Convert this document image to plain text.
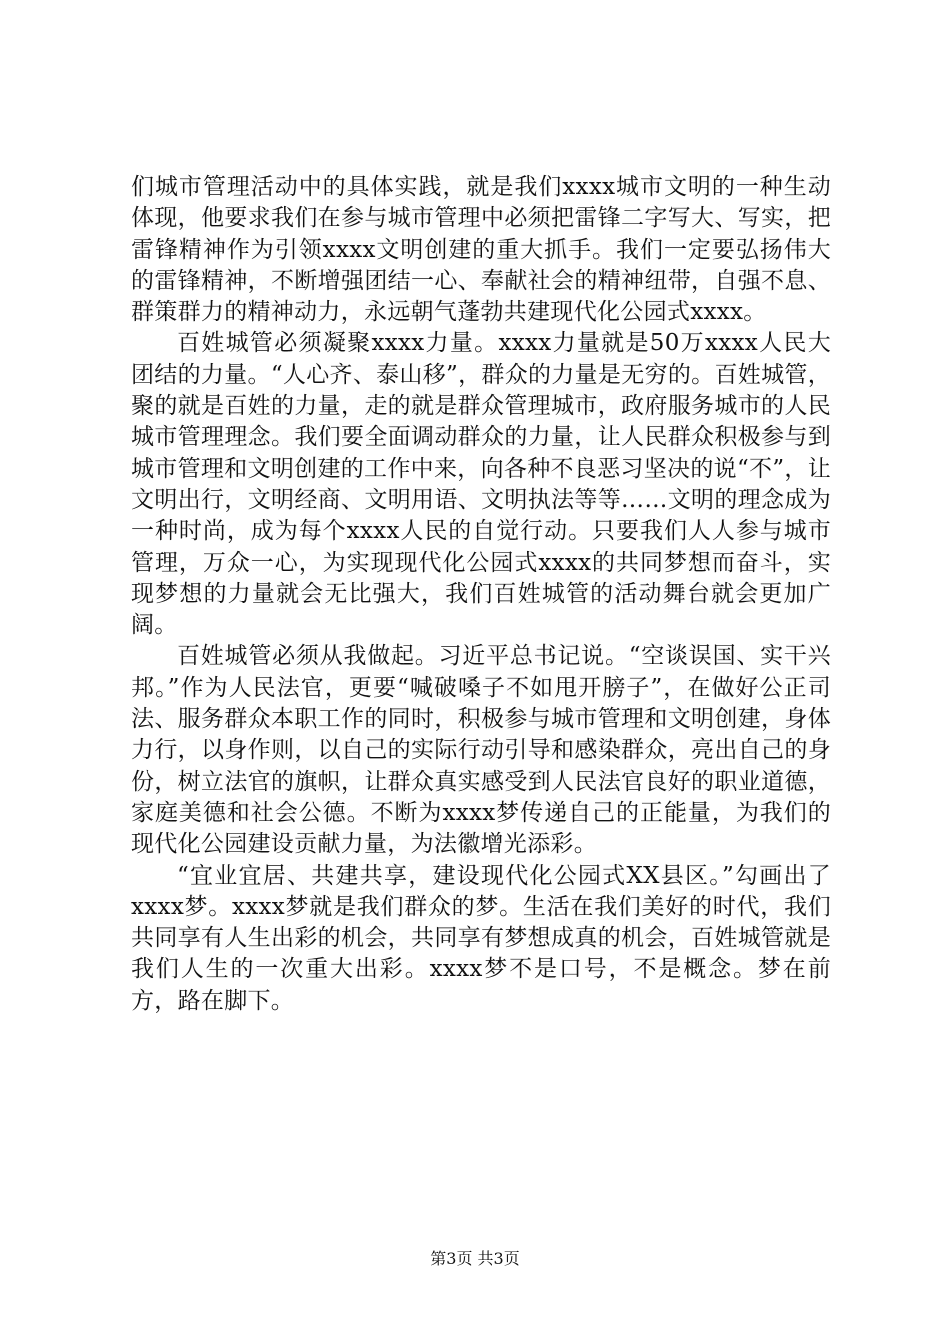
们城市管理活动中的具体实践，就是我们xxxx城市文明的一种生动体现，他要求我们在参与城市管理中必须把雷锋二字写大、写实，把雷锋精神作为引领xxxx文明创建的重大抓手。我们一定要弘扬伟大的雷锋精神，不断增强团结一心、奉献社会的精神纽带，自强不息、群策群力的精神动力，永远朝气蓬勃共建现代化公园式xxxx。

百姓城管必须凝聚xxxx力量。xxxx力量就是50万xxxx人民大团结的力量。“人心齐、泰山移”，群众的力量是无穷的。百姓城管，聚的就是百姓的力量，走的就是群众管理城市，政府服务城市的人民城市管理理念。我们要全面调动群众的力量，让人民群众积极参与到城市管理和文明创建的工作中来，向各种不良恶习坚决的说“不”，让文明出行，文明经商、文明用语、文明执法等等……文明的理念成为一种时尚，成为每个xxxx人民的自觉行动。只要我们人人参与城市管理，万众一心，为实现现代化公园式xxxx的共同梦想而奋斗，实现梦想的力量就会无比强大，我们百姓城管的活动舞台就会更加广阔。

百姓城管必须从我做起。习近平总书记说。“空谈误国、实干兴邦。”作为人民法官，更要“喊破嗓子不如甩开膀子”，在做好公正司法、服务群众本职工作的同时，积极参与城市管理和文明创建，身体力行，以身作则，以自己的实际行动引导和感染群众，亮出自己的身份，树立法官的旗帜，让群众真实感受到人民法官良好的职业道德，家庭美德和社会公德。不断为xxxx梦传递自己的正能量，为我们的现代化公园建设贡献力量，为法徽增光添彩。

“宜业宜居、共建共享，建设现代化公园式XX县区。”勾画出了xxxx梦。xxxx梦就是我们群众的梦。生活在我们美好的时代，我们共同享有人生出彩的机会，共同享有梦想成真的机会，百姓城管就是我们人生的一次重大出彩。xxxx梦不是口号，不是概念。梦在前方，路在脚下。

第3页 共3页
